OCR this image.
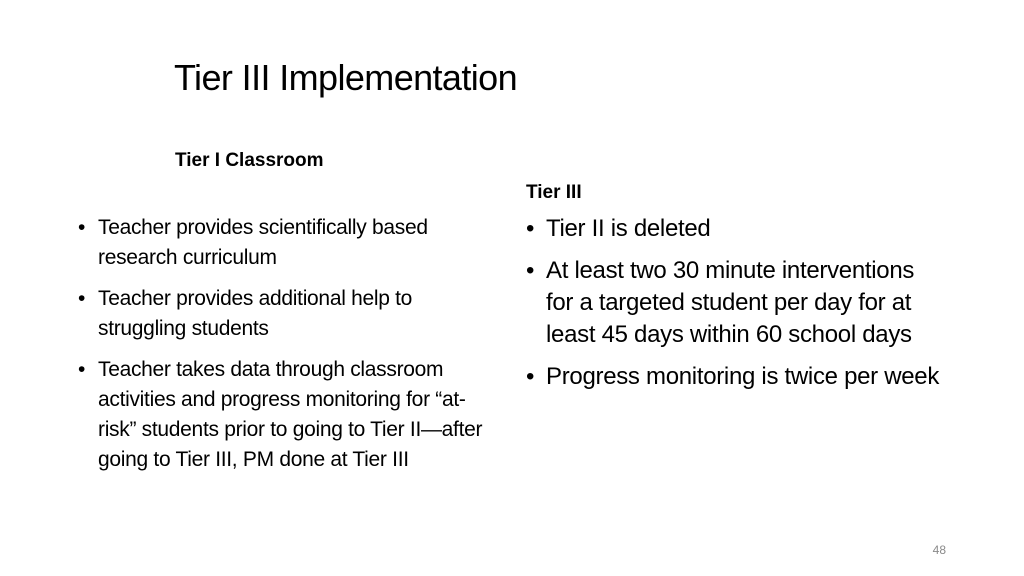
Tier III Implementation
Tier I Classroom
• Teacher provides scientifically based research curriculum
• Teacher provides additional help to struggling students
• Teacher takes data through classroom activities and progress monitoring for “at-risk” students prior to going to Tier II—after going to Tier III, PM done at Tier III
Tier III
• Tier II is deleted
• At least two 30 minute interventions for a targeted student per day for at least 45 days within 60 school days
• Progress monitoring is twice per week
48
